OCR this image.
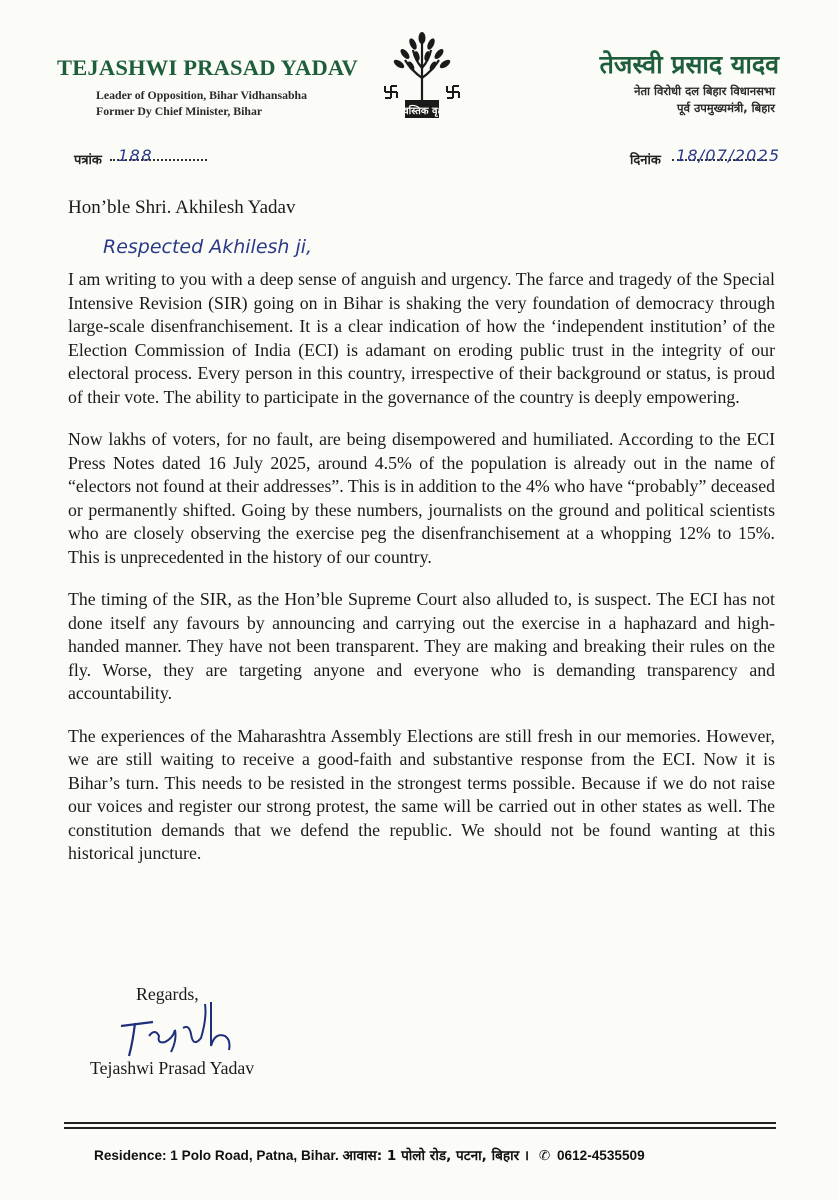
TEJASHWI PRASAD YADAV
Leader of Opposition, Bihar Vidhansabha
Former Dy Chief Minister, Bihar	स्वस्तिक वृक्ष
तेजस्वी प्रसाद यादव
नेता विरोधी दल बिहार विधानसभा
पूर्व उपमुख्यमंत्री, बिहार
पत्रांक 188	दिनांक 18/07/2025
Hon’ble Shri. Akhilesh Yadav
Respected Akhilesh ji,

I am writing to you with a deep sense of anguish and urgency. The farce and tragedy of the Special Intensive Revision (SIR) going on in Bihar is shaking the very foundation of democracy through large-scale disenfranchisement. It is a clear indication of how the ‘independent institution’ of the Election Commission of India (ECI) is adamant on eroding public trust in the integrity of our electoral process. Every person in this country, irrespective of their background or status, is proud of their vote. The ability to participate in the governance of the country is deeply empowering.

Now lakhs of voters, for no fault, are being disempowered and humiliated. According to the ECI Press Notes dated 16 July 2025, around 4.5% of the population is already out in the name of “electors not found at their addresses”. This is in addition to the 4% who have “probably” deceased or permanently shifted. Going by these numbers, journalists on the ground and political scientists who are closely observing the exercise peg the disenfranchisement at a whopping 12% to 15%. This is unprecedented in the history of our country.

The timing of the SIR, as the Hon’ble Supreme Court also alluded to, is suspect. The ECI has not done itself any favours by announcing and carrying out the exercise in a haphazard and high-handed manner. They have not been transparent. They are making and breaking their rules on the fly. Worse, they are targeting anyone and everyone who is demanding transparency and accountability.

The experiences of the Maharashtra Assembly Elections are still fresh in our memories. However, we are still waiting to receive a good-faith and substantive response from the ECI. Now it is Bihar’s turn. This needs to be resisted in the strongest terms possible. Because if we do not raise our voices and register our strong protest, the same will be carried out in other states as well. The constitution demands that we defend the republic. We should not be found wanting at this historical juncture.

Regards,
Tejashwi Prasad Yadav
Residence: 1 Polo Road, Patna, Bihar. आवास: 1 पोलो रोड, पटना, बिहार । ✆ 0612-4535509
